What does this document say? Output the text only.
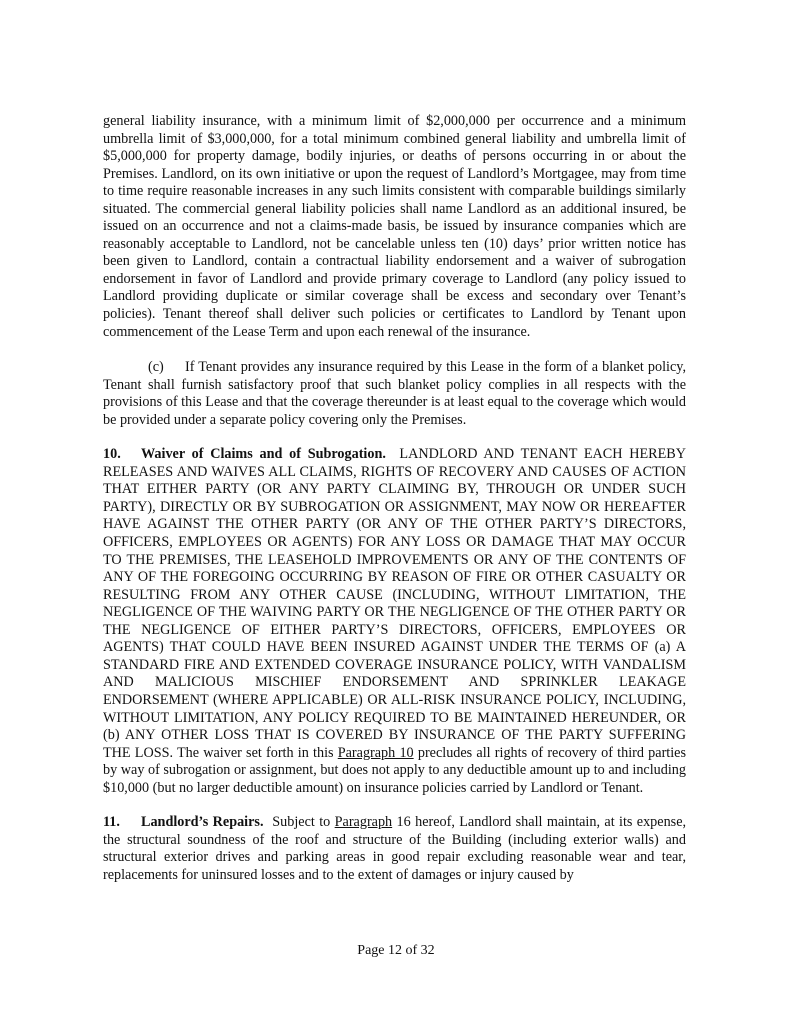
general liability insurance, with a minimum limit of $2,000,000 per occurrence and a minimum umbrella limit of $3,000,000, for a total minimum combined general liability and umbrella limit of $5,000,000 for property damage, bodily injuries, or deaths of persons occurring in or about the Premises. Landlord, on its own initiative or upon the request of Landlord’s Mortgagee, may from time to time require reasonable increases in any such limits consistent with comparable buildings similarly situated. The commercial general liability policies shall name Landlord as an additional insured, be issued on an occurrence and not a claims-made basis, be issued by insurance companies which are reasonably acceptable to Landlord, not be cancelable unless ten (10) days’ prior written notice has been given to Landlord, contain a contractual liability endorsement and a waiver of subrogation endorsement in favor of Landlord and provide primary coverage to Landlord (any policy issued to Landlord providing duplicate or similar coverage shall be excess and secondary over Tenant’s policies). Tenant thereof shall deliver such policies or certificates to Landlord by Tenant upon commencement of the Lease Term and upon each renewal of the insurance.

(c) If Tenant provides any insurance required by this Lease in the form of a blanket policy, Tenant shall furnish satisfactory proof that such blanket policy complies in all respects with the provisions of this Lease and that the coverage thereunder is at least equal to the coverage which would be provided under a separate policy covering only the Premises.

10. Waiver of Claims and of Subrogation. LANDLORD AND TENANT EACH HEREBY RELEASES AND WAIVES ALL CLAIMS, RIGHTS OF RECOVERY AND CAUSES OF ACTION THAT EITHER PARTY (OR ANY PARTY CLAIMING BY, THROUGH OR UNDER SUCH PARTY), DIRECTLY OR BY SUBROGATION OR ASSIGNMENT, MAY NOW OR HEREAFTER HAVE AGAINST THE OTHER PARTY (OR ANY OF THE OTHER PARTY’S DIRECTORS, OFFICERS, EMPLOYEES OR AGENTS) FOR ANY LOSS OR DAMAGE THAT MAY OCCUR TO THE PREMISES, THE LEASEHOLD IMPROVEMENTS OR ANY OF THE CONTENTS OF ANY OF THE FOREGOING OCCURRING BY REASON OF FIRE OR OTHER CASUALTY OR RESULTING FROM ANY OTHER CAUSE (INCLUDING, WITHOUT LIMITATION, THE NEGLIGENCE OF THE WAIVING PARTY OR THE NEGLIGENCE OF THE OTHER PARTY OR THE NEGLIGENCE OF EITHER PARTY’S DIRECTORS, OFFICERS, EMPLOYEES OR AGENTS) THAT COULD HAVE BEEN INSURED AGAINST UNDER THE TERMS OF (a) A STANDARD FIRE AND EXTENDED COVERAGE INSURANCE POLICY, WITH VANDALISM AND MALICIOUS MISCHIEF ENDORSEMENT AND SPRINKLER LEAKAGE ENDORSEMENT (WHERE APPLICABLE) OR ALL-RISK INSURANCE POLICY, INCLUDING, WITHOUT LIMITATION, ANY POLICY REQUIRED TO BE MAINTAINED HEREUNDER, OR (b) ANY OTHER LOSS THAT IS COVERED BY INSURANCE OF THE PARTY SUFFERING THE LOSS. The waiver set forth in this Paragraph 10 precludes all rights of recovery of third parties by way of subrogation or assignment, but does not apply to any deductible amount up to and including $10,000 (but no larger deductible amount) on insurance policies carried by Landlord or Tenant.

11. Landlord’s Repairs. Subject to Paragraph 16 hereof, Landlord shall maintain, at its expense, the structural soundness of the roof and structure of the Building (including exterior walls) and structural exterior drives and parking areas in good repair excluding reasonable wear and tear, replacements for uninsured losses and to the extent of damages or injury caused by

Page 12 of 32
